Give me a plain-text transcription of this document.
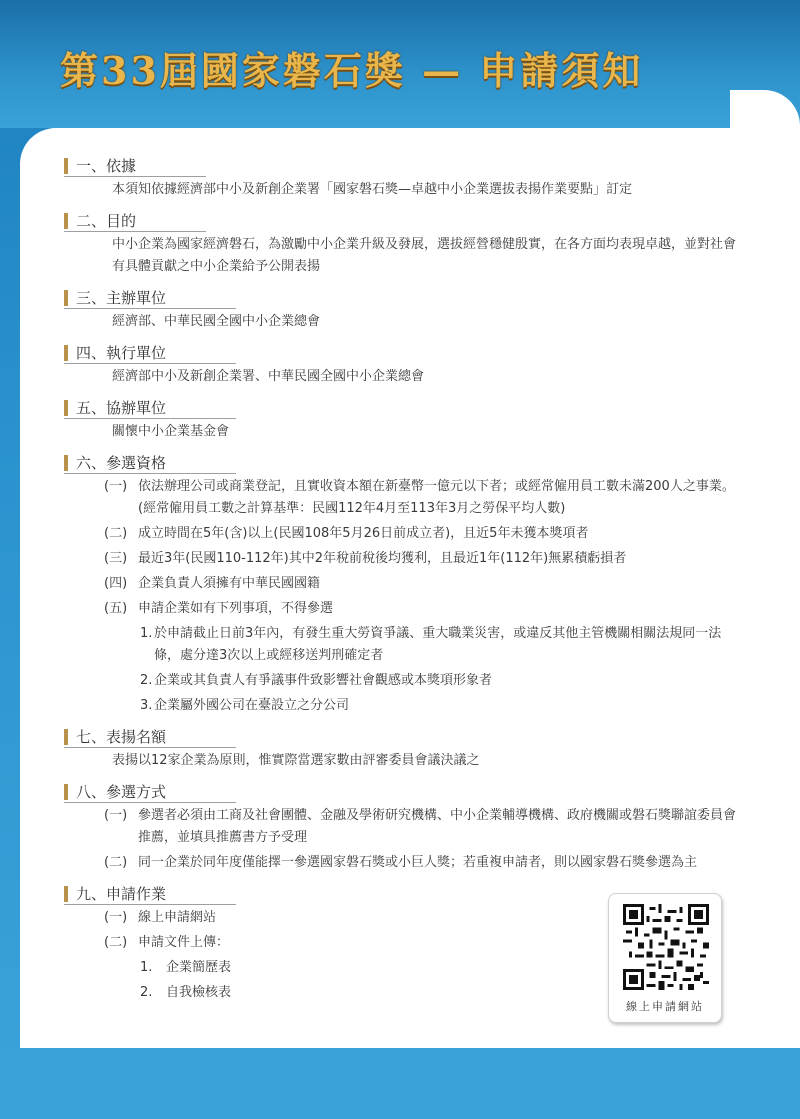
第33屆國家磐石獎 — 申請須知
一、依據
本須知依據經濟部中小及新創企業署「國家磐石獎—卓越中小企業選拔表揚作業要點」訂定
二、目的
中小企業為國家經濟磐石，為激勵中小企業升級及發展，選拔經營穩健殷實，在各方面均表現卓越，並對社會有具體貢獻之中小企業給予公開表揚
三、主辦單位
經濟部、中華民國全國中小企業總會
四、執行單位
經濟部中小及新創企業署、中華民國全國中小企業總會
五、協辦單位
關懷中小企業基金會
六、參選資格
(一) 依法辦理公司或商業登記，且實收資本額在新臺幣一億元以下者；或經常僱用員工數未滿200人之事業。(經常僱用員工數之計算基準：民國112年4月至113年3月之勞保平均人數)
(二) 成立時間在5年(含)以上(民國108年5月26日前成立者)，且近5年未獲本獎項者
(三) 最近3年(民國110-112年)其中2年稅前稅後均獲利，且最近1年(112年)無累積虧損者
(四) 企業負責人須擁有中華民國國籍
(五) 申請企業如有下列事項，不得參選
1. 於申請截止日前3年內，有發生重大勞資爭議、重大職業災害，或違反其他主管機關相關法規同一法條，處分達3次以上或經移送判刑確定者
2. 企業或其負責人有爭議事件致影響社會觀感或本獎項形象者
3. 企業屬外國公司在臺設立之分公司
七、表揚名額
表揚以12家企業為原則，惟實際當選家數由評審委員會議決議之
八、參選方式
(一) 參選者必須由工商及社會團體、金融及學術研究機構、中小企業輔導機構、政府機關或磐石獎聯誼委員會推薦，並填具推薦書方予受理
(二) 同一企業於同年度僅能擇一參選國家磐石獎或小巨人獎；若重複申請者，則以國家磐石獎參選為主
九、申請作業
(一) 線上申請網站
(二) 申請文件上傳：
1.	企業簡歷表
2.	自我檢核表
線上申請網站
